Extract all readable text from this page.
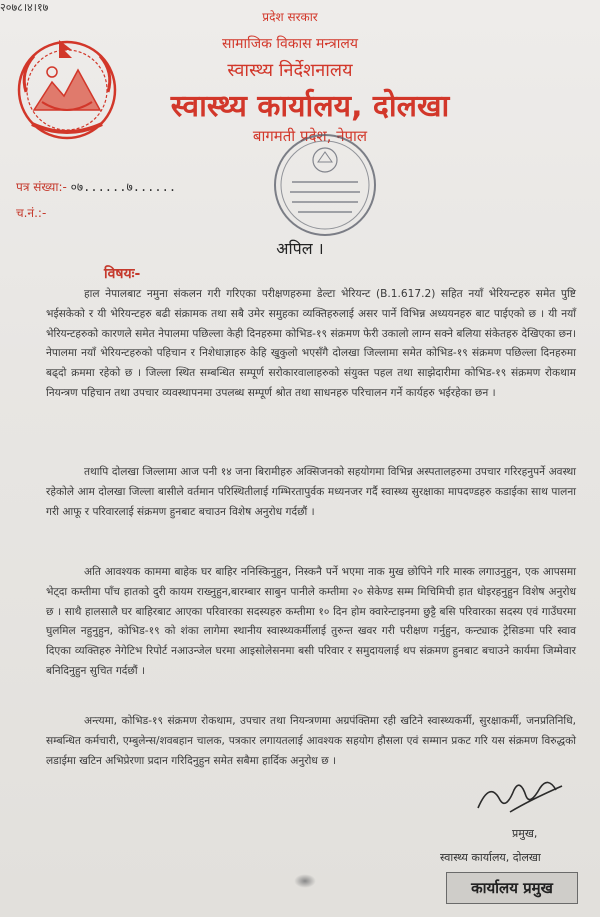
प्रदेश सरकार
सामाजिक विकास मन्त्रालय
स्वास्थ्य निर्देशनालय
स्वास्थ्य कार्यालय, दोलखा
बागमती प्रदेश, नेपाल
पत्र संख्या:- ०७......७......
च.नं.:-
२०७८।४।१७
अपिल ।
विषयः-
हाल नेपालबाट नमुना संकलन गरी गरिएका परीक्षणहरुमा डेल्टा भेरियन्ट (B.1.617.2) सहित नयाँ भेरियन्टहरु समेत पुष्टि भईसकेको र यी भेरियन्टहरु बढी संक्रामक तथा सबै उमेर समुहका व्यक्तिहरुलाई असर पार्ने विभिन्न अध्ययनहरु बाट पाईएको छ । यी नयाँ भेरियन्टहरुको कारणले समेत नेपालमा पछिल्ला केही दिनहरुमा कोभिड-१९ संक्रमण फेरी उकालो लाग्न सक्ने बलिया संकेतहरु देखिएका छन। नेपालमा नयाँ भेरियन्टहरुको पहिचान र निशेधाज्ञाहरु केहि खुकुलो भएसँगै दोलखा जिल्लामा समेत कोभिड-१९ संक्रमण पछिल्ला दिनहरुमा बढ्दो क्रममा रहेको छ । जिल्ला स्थित सम्बन्धित सम्पूर्ण सरोकारवालाहरुको संयुक्त पहल तथा साझेदारीमा कोभिड-१९ संक्रमण रोकथाम नियन्त्रण पहिचान तथा उपचार व्यवस्थापनमा उपलब्ध सम्पूर्ण श्रोत तथा साधनहरु परिचालन गर्ने कार्यहरु भईरहेका छन ।
तथापि दोलखा जिल्लामा आज पनी १४ जना बिरामीहरु अक्सिजनको सहयोगमा विभिन्न अस्पतालहरुमा उपचार गरिरहनुपर्ने अवस्था रहेकोले आम दोलखा जिल्ला बासीले वर्तमान परिस्थितीलाई गम्भिरतापुर्वक मध्यनजर गर्दै स्वास्थ्य सुरक्षाका मापदण्डहरु कडाईका साथ पालना गरी आफू र परिवारलाई संक्रमण हुनबाट बचाउन विशेष अनुरोध गर्दछौं ।
अति आवश्यक काममा बाहेक घर बाहिर ननिस्किनुहुन, निस्कनै पर्ने भएमा नाक मुख छोपिने गरि मास्क लगाउनुहुन, एक आपसमा भेट्दा कम्तीमा पाँच हातको दुरी कायम राख्नुहुन,बारम्बार साबुन पानीले कम्तीमा २० सेकेण्ड सम्म मिचिमिची हात धोइरहनुहुन विशेष अनुरोध छ । साथै हालसालै घर बाहिरबाट आएका परिवारका सदस्यहरु कम्तीमा १० दिन होम क्वारेन्टाइनमा छुट्टै बसि परिवारका सदस्य एवं गाउँघरमा घुलमिल नहुनुहुन, कोभिड-१९ को शंका लागेमा स्थानीय स्वास्थ्यकर्मीलाई तुरुन्त खवर गरी परीक्षण गर्नुहुन, कन्ट्याक ट्रेसिङमा परि स्वाव दिएका व्यक्तिहरु नेगेटिभ रिपोर्ट नआउन्जेल घरमा आइसोलेसनमा बसी परिवार र समुदायलाई थप संक्रमण हुनबाट बचाउने कार्यमा जिम्मेवार बनिदिनुहुन सुचित गर्दछौं ।
अन्त्यमा, कोभिड-१९ संक्रमण रोकथाम, उपचार तथा नियन्त्रणमा अग्रपंक्तिमा रही खटिने स्वास्थ्यकर्मी, सुरक्षाकर्मी, जनप्रतिनिधि, सम्बन्धित कर्मचारी, एम्बुलेन्स/शवबहान चालक, पत्रकार लगायतलाई आवश्यक सहयोग हौसला एवं सम्मान प्रकट गरि यस संक्रमण विरुद्धको लडाईमा खटिन अभिप्रेरणा प्रदान गरिदिनुहुन समेत सबैमा हार्दिक अनुरोध छ ।
प्रमुख,
स्वास्थ्य कार्यालय, दोलखा
कार्यालय प्रमुख
